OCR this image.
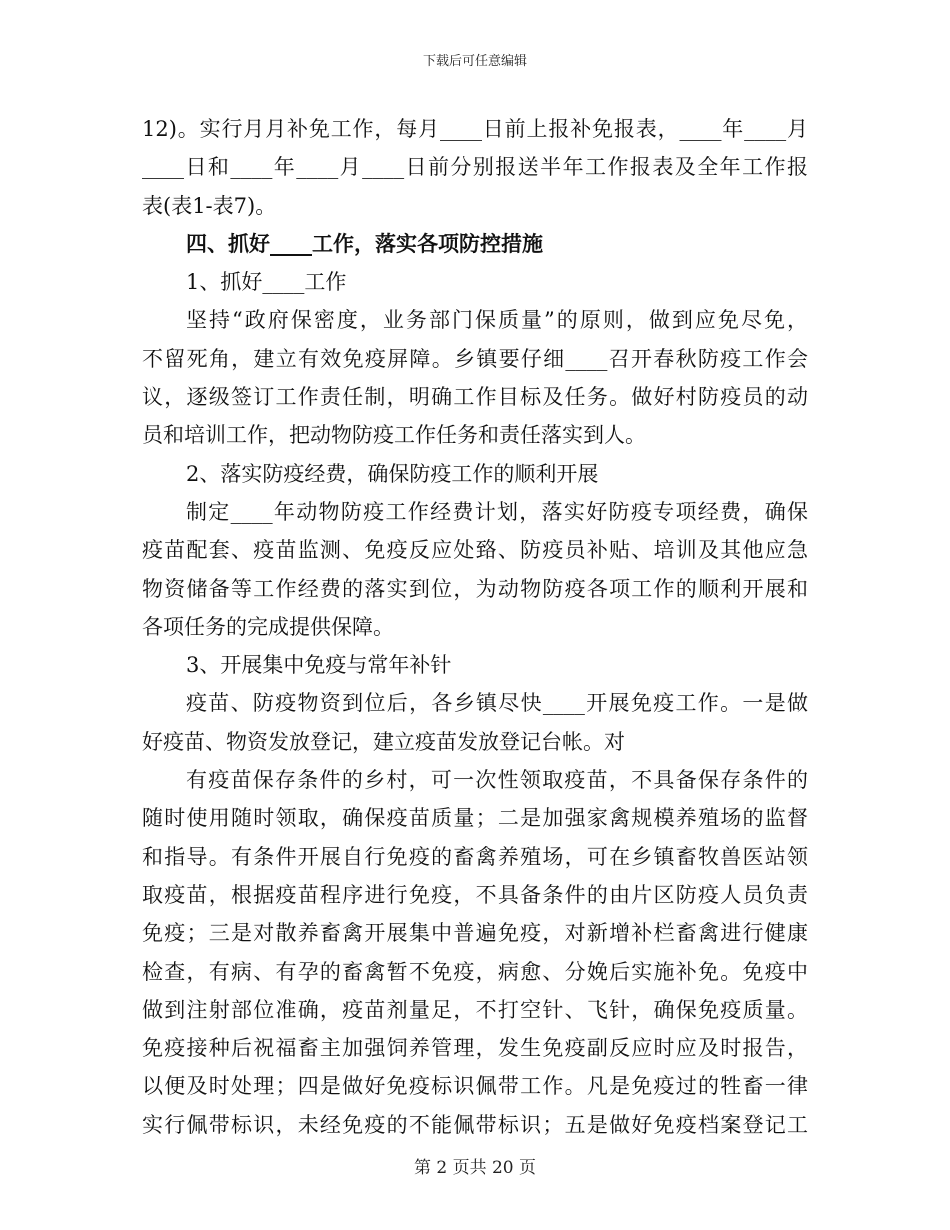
下载后可任意编辑
12)。实行月月补免工作，每月____日前上报补免报表，____年____月
____日和____年____月____日前分别报送半年工作报表及全年工作报
表(表1-表7)。
四、抓好____工作，落实各项防控措施
1、抓好____工作
坚持“政府保密度，业务部门保质量”的原则，做到应免尽免，
不留死角，建立有效免疫屏障。乡镇要仔细____召开春秋防疫工作会
议，逐级签订工作责任制，明确工作目标及任务。做好村防疫员的动
员和培训工作，把动物防疫工作任务和责任落实到人。
2、落实防疫经费，确保防疫工作的顺利开展
制定____年动物防疫工作经费计划，落实好防疫专项经费，确保
疫苗配套、疫苗监测、免疫反应处臵、防疫员补贴、培训及其他应急
物资储备等工作经费的落实到位，为动物防疫各项工作的顺利开展和
各项任务的完成提供保障。
3、开展集中免疫与常年补针
疫苗、防疫物资到位后，各乡镇尽快____开展免疫工作。一是做
好疫苗、物资发放登记，建立疫苗发放登记台帐。对
有疫苗保存条件的乡村，可一次性领取疫苗，不具备保存条件的
随时使用随时领取，确保疫苗质量；二是加强家禽规模养殖场的监督
和指导。有条件开展自行免疫的畜禽养殖场，可在乡镇畜牧兽医站领
取疫苗，根据疫苗程序进行免疫，不具备条件的由片区防疫人员负责
免疫；三是对散养畜禽开展集中普遍免疫，对新增补栏畜禽进行健康
检查，有病、有孕的畜禽暂不免疫，病愈、分娩后实施补免。免疫中
做到注射部位准确，疫苗剂量足，不打空针、飞针，确保免疫质量。
免疫接种后祝福畜主加强饲养管理，发生免疫副反应时应及时报告，
以便及时处理；四是做好免疫标识佩带工作。凡是免疫过的牲畜一律
实行佩带标识，未经免疫的不能佩带标识；五是做好免疫档案登记工
第 2 页共 20 页
